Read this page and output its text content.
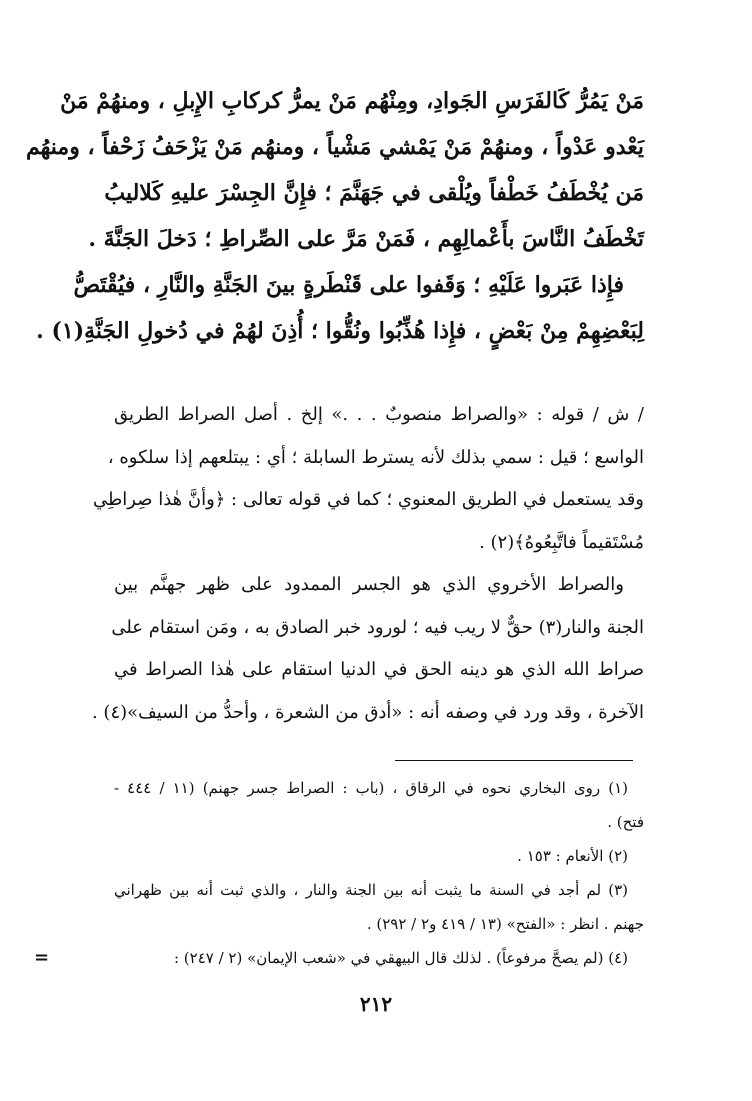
مَنْ يَمُرُّ كَالفَرَسِ الجَوادِ، ومِنْهُم مَنْ يمرُّ كركابِ الإِبلِ ، ومنهُمْ مَنْ
يَعْدو عَدْواً ، ومنهُمْ مَنْ يَمْشي مَشْياً ، ومنهُم مَنْ يَزْحَفُ زَحْفاً ، ومنهُم
مَن يُخْطَفُ خَطْفاً ويُلْقى في جَهَنَّمَ ؛ فإِنَّ الجِسْرَ عليهِ كَلاليبُ
تَخْطَفُ النَّاسَ بأَعْمالِهِم ، فَمَنْ مَرَّ على الصِّراطِ ؛ دَخلَ الجَنَّةَ .
فإِذا عَبَروا عَلَيْهِ ؛ وَقَفوا على قَنْطَرةٍ بينَ الجَنَّةِ والنَّارِ ، فيُقْتَصُّ
لِبَعْضِهِمْ مِنْ بَعْضٍ ، فإِذا هُذِّبُوا ونُقُّوا ؛ أُذِنَ لهُمْ في دُخولِ الجَنَّةِ(١) .
/ ش / قوله : «والصراط منصوبٌ . . .» إلخ . أصل الصراط الطريق
الواسع ؛ قيل : سمي بذلك لأنه يسترط السابلة ؛ أي : يبتلعهم إذا سلكوه ،
وقد يستعمل في الطريق المعنوي ؛ كما في قوله تعالى : ﴿وأنَّ هٰذا صِراطِي
مُسْتَقيماً فاتَّبِعُوهُ﴾(٢) .
والصراط الأخروي الذي هو الجسر الممدود على ظهر جهنَّم بين
الجنة والنار(٣) حقٌّ لا ريب فيه ؛ لورود خبر الصادق به ، ومَن استقام على
صراط الله الذي هو دينه الحق في الدنيا استقام على هٰذا الصراط في
الآخرة ، وقد ورد في وصفه أنه : «أدق من الشعرة ، وأحدُّ من السيف»(٤) .
(١) روى البخاري نحوه في الرقاق ، (باب : الصراط جسر جهنم) (١١ / ٤٤٤ -
فتح) .
(٢) الأنعام : ١٥٣ .
(٣) لم أجد في السنة ما يثبت أنه بين الجنة والنار ، والذي ثبت أنه بين ظهراني
جهنم . انظر : «الفتح» (١٣ / ٤١٩ و٢ / ٢٩٢) .
(٤) (لم يصحَّ مرفوعاً) . لذلك قال البيهقي في «شعب الإيمان» (٢ / ٢٤٧) :
=
٢١٢
